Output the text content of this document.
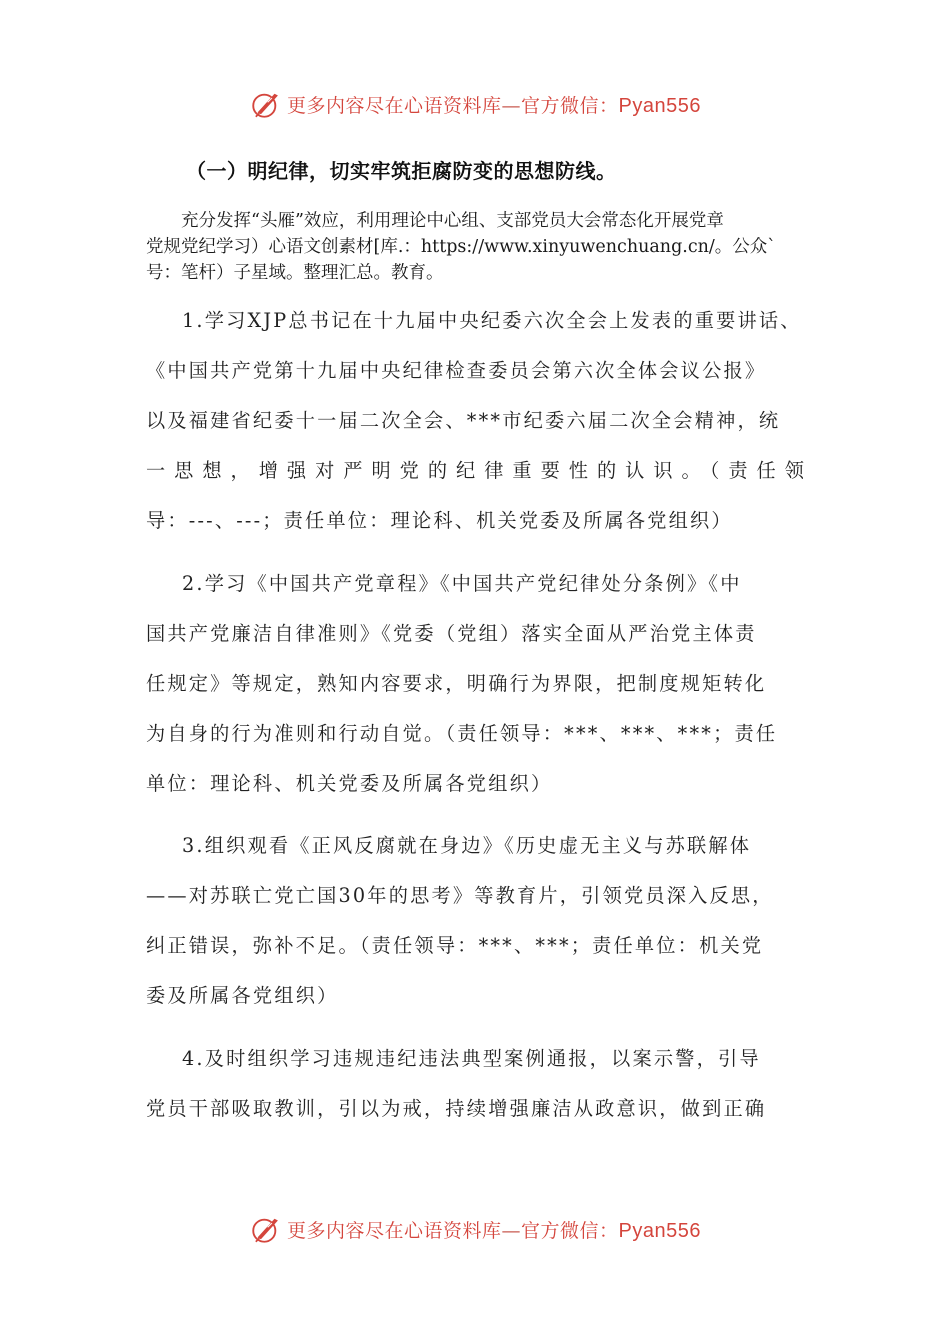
更多内容尽在心语资料库—官方微信：Pyan556
（一）明纪律，切实牢筑拒腐防变的思想防线。
充分发挥“头雁”效应，利用理论中心组、支部党员大会常态化开展党章
党规党纪学习）心语文创素材[库.：https://www.xinyuwenchuang.cn/。公众`
号：笔杆）子星域。整理汇总。教育。
1.学习XJP总书记在十九届中央纪委六次全会上发表的重要讲话、
《中国共产党第十九届中央纪律检查委员会第六次全体会议公报》
以及福建省纪委十一届二次全会、***市纪委六届二次全会精神，统
一思想，增强对严明党的纪律重要性的认识。（责任领
导：---、---；责任单位：理论科、机关党委及所属各党组织）
2.学习《中国共产党章程》《中国共产党纪律处分条例》《中
国共产党廉洁自律准则》《党委（党组）落实全面从严治党主体责
任规定》等规定，熟知内容要求，明确行为界限，把制度规矩转化
为自身的行为准则和行动自觉。（责任领导：***、***、***；责任
单位：理论科、机关党委及所属各党组织）
3.组织观看《正风反腐就在身边》《历史虚无主义与苏联解体
——对苏联亡党亡国30年的思考》等教育片，引领党员深入反思，
纠正错误，弥补不足。（责任领导：***、***；责任单位：机关党
委及所属各党组织）
4.及时组织学习违规违纪违法典型案例通报，以案示警，引导
党员干部吸取教训，引以为戒，持续增强廉洁从政意识，做到正确
更多内容尽在心语资料库—官方微信：Pyan556
